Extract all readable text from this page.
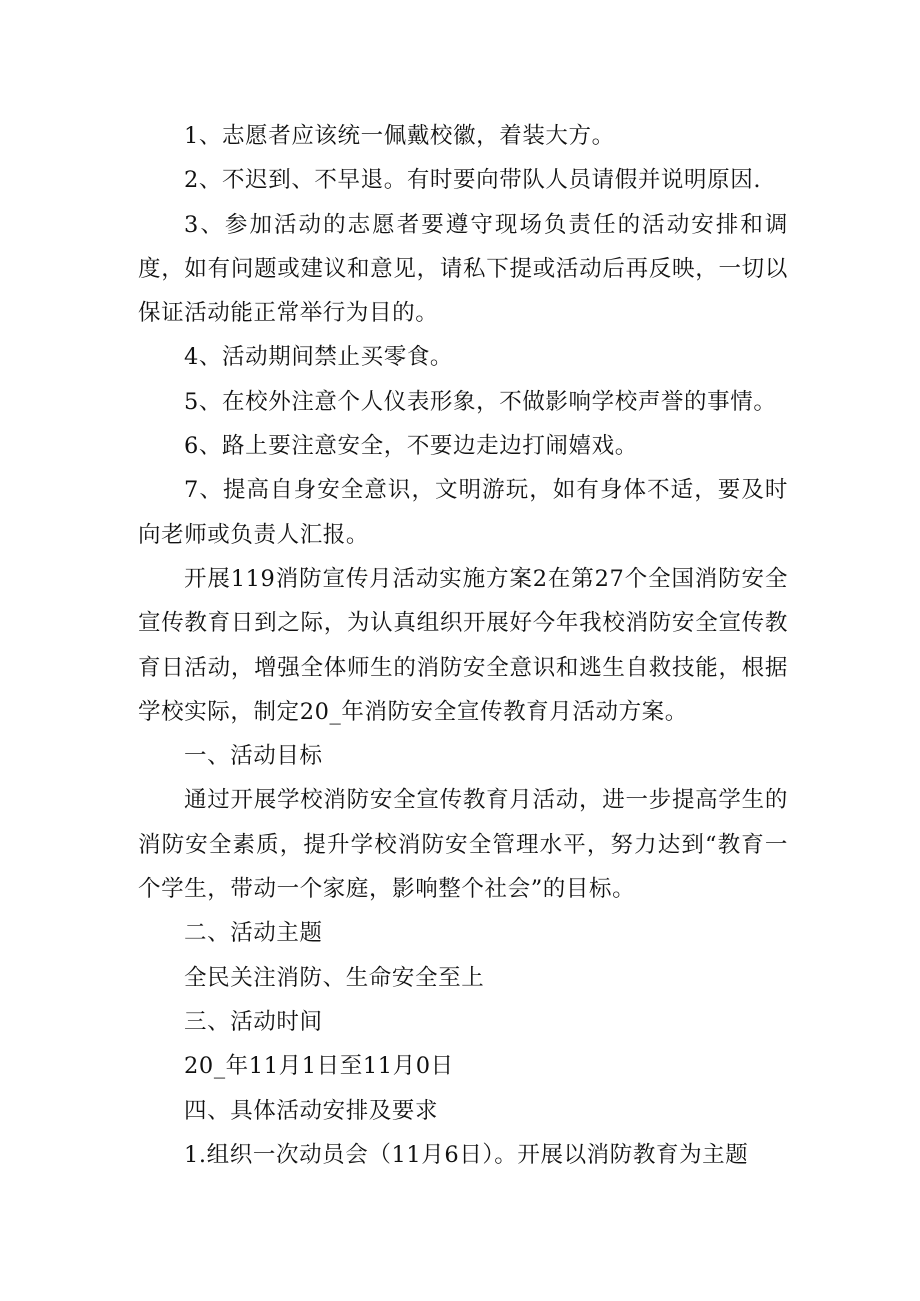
1、志愿者应该统一佩戴校徽，着装大方。

2、不迟到、不早退。有时要向带队人员请假并说明原因.

3、参加活动的志愿者要遵守现场负责任的活动安排和调度，如有问题或建议和意见，请私下提或活动后再反映，一切以保证活动能正常举行为目的。

4、活动期间禁止买零食。

5、在校外注意个人仪表形象，不做影响学校声誉的事情。

6、路上要注意安全，不要边走边打闹嬉戏。

7、提高自身安全意识，文明游玩，如有身体不适，要及时向老师或负责人汇报。

开展119消防宣传月活动实施方案2在第27个全国消防安全宣传教育日到之际，为认真组织开展好今年我校消防安全宣传教育日活动，增强全体师生的消防安全意识和逃生自救技能，根据学校实际，制定20_年消防安全宣传教育月活动方案。

一、活动目标

通过开展学校消防安全宣传教育月活动，进一步提高学生的消防安全素质，提升学校消防安全管理水平，努力达到“教育一个学生，带动一个家庭，影响整个社会”的目标。

二、活动主题

全民关注消防、生命安全至上

三、活动时间

20_年11月1日至11月0日

四、具体活动安排及要求

1.组织一次动员会（11月6日）。开展以消防教育为主题
